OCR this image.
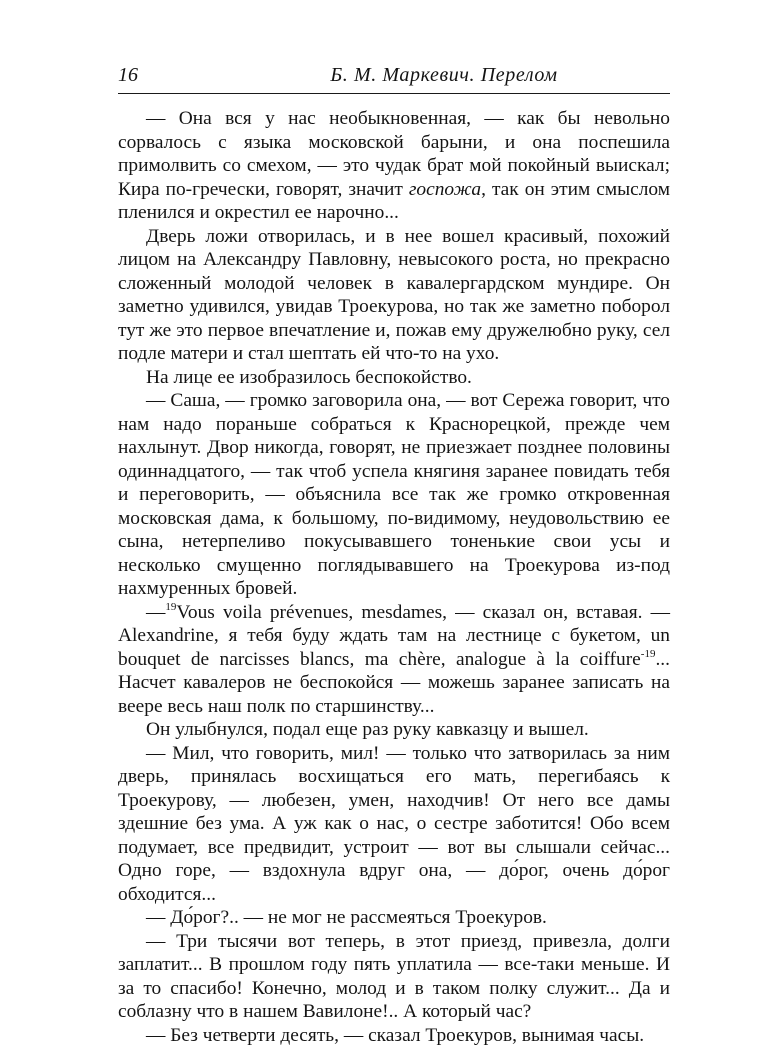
16	Б. М. Маркевич. Перелом

— Она вся у нас необыкновенная, — как бы невольно сорвалось с языка московской барыни, и она поспешила примолвить со смехом, — это чудак брат мой покойный выискал; Кира по-гречески, говорят, значит госпожа, так он этим смыслом пленился и окрестил ее нарочно...

Дверь ложи отворилась, и в нее вошел красивый, похожий лицом на Александру Павловну, невысокого роста, но прекрасно сложенный молодой человек в кавалергардском мундире. Он заметно удивился, увидав Троекурова, но так же заметно поборол тут же это первое впечатление и, пожав ему дружелюбно руку, сел подле матери и стал шептать ей что-то на ухо.

На лице ее изобразилось беспокойство.

— Саша, — громко заговорила она, — вот Сережа говорит, что нам надо пораньше собраться к Краснорецкой, прежде чем нахлынут. Двор никогда, говорят, не приезжает позднее половины одиннадцатого, — так чтоб успела княгиня заранее повидать тебя и переговорить, — объяснила все так же громко откровенная московская дама, к большому, по-видимому, неудовольствию ее сына, нетерпеливо покусывавшего тоненькие свои усы и несколько смущенно поглядывавшего на Троекурова из-под нахмуренных бровей.

—$^{19}$Vous voila prévenues, mesdames, — сказал он, вставая. — Alexandrine, я тебя буду ждать там на лестнице с букетом, un bouquet de narcisses blancs, ma chère, analogue à la coiffure$^{-19}$... Насчет кавалеров не беспокойся — можешь заранее записать на вееpe весь наш полк по старшинству...

Он улыбнулся, подал еще раз руку кавказцу и вышел.

— Мил, что говорить, мил! — только что затворилась за ним дверь, принялась восхищаться его мать, перегибаясь к Троекурову, — любезен, умен, находчив! От него все дамы здешние без ума. А уж как о нас, о сестре заботится! Обо всем подумает, все предвидит, устроит — вот вы слышали сейчас... Одно горе, — вздохнула вдруг она, — до́рог, очень до́рог обходится...

— До́рог?.. — не мог не рассмеяться Троекуров.

— Три тысячи вот теперь, в этот приезд, привезла, долги заплатит... В прошлом году пять уплатила — все-таки меньше. И за то спасибо! Конечно, молод и в таком полку служит... Да и соблазну что в нашем Вавилоне!.. А который час?

— Без четверти десять, — сказал Троекуров, вынимая часы.
